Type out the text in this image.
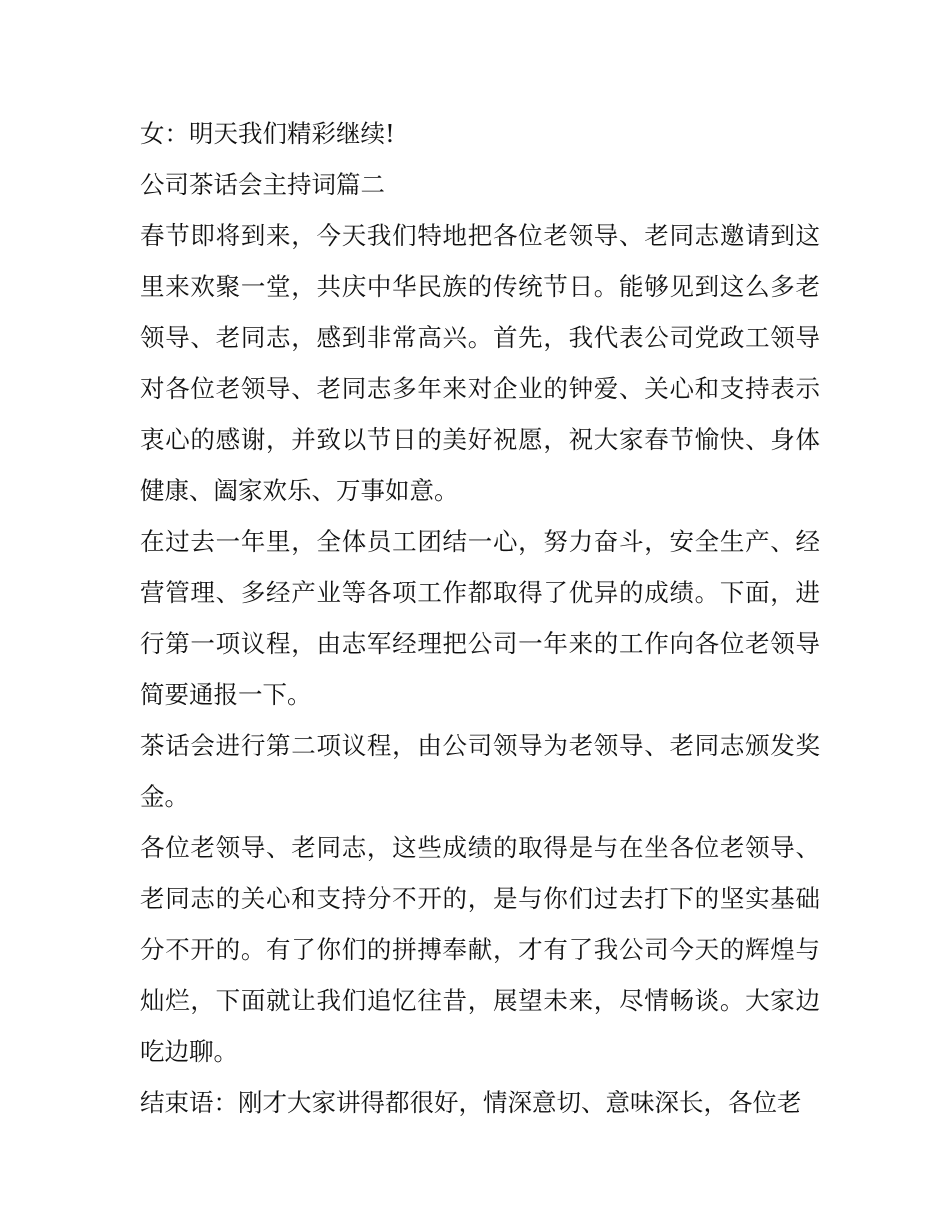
女：明天我们精彩继续!

公司茶话会主持词篇二

春节即将到来，今天我们特地把各位老领导、老同志邀请到这里来欢聚一堂，共庆中华民族的传统节日。能够见到这么多老领导、老同志，感到非常高兴。首先，我代表公司党政工领导对各位老领导、老同志多年来对企业的钟爱、关心和支持表示衷心的感谢，并致以节日的美好祝愿，祝大家春节愉快、身体健康、阖家欢乐、万事如意。

在过去一年里，全体员工团结一心，努力奋斗，安全生产、经营管理、多经产业等各项工作都取得了优异的成绩。下面，进行第一项议程，由志军经理把公司一年来的工作向各位老领导简要通报一下。

茶话会进行第二项议程，由公司领导为老领导、老同志颁发奖金。

各位老领导、老同志，这些成绩的取得是与在坐各位老领导、老同志的关心和支持分不开的，是与你们过去打下的坚实基础分不开的。有了你们的拼搏奉献，才有了我公司今天的辉煌与灿烂，下面就让我们追忆往昔，展望未来，尽情畅谈。大家边吃边聊。

结束语：刚才大家讲得都很好，情深意切、意味深长，各位老
